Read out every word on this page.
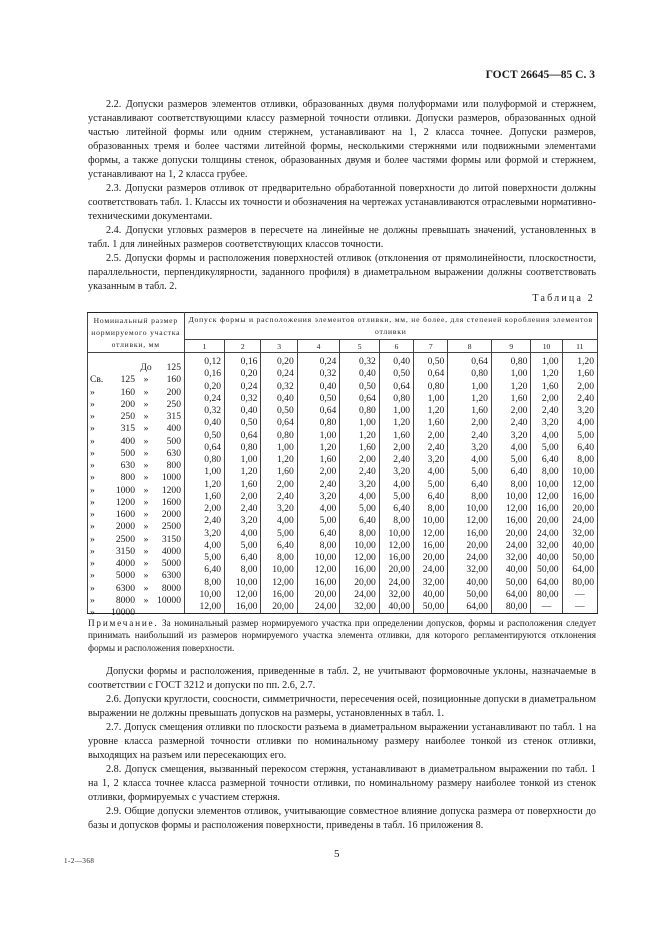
ГОСТ 26645—85 С. 3

2.2. Допуски размеров элементов отливки, образованных двумя полуформами или полуформой и стержнем, устанавливают соответствующими классу размерной точности отливки. Допуски размеров, образованных одной частью литейной формы или одним стержнем, устанавливают на 1, 2 класса точнее. Допуски размеров, образованных тремя и более частями литейной формы, несколькими стержнями или подвижными элементами формы, а также допуски толщины стенок, образованных двумя и более частями формы или формой и стержнем, устанавливают на 1, 2 класса грубее.

2.3. Допуски размеров отливок от предварительно обработанной поверхности до литой поверхности должны соответствовать табл. 1. Классы их точности и обозначения на чертежах устанавливаются отраслевыми нормативно-техническими документами.

2.4. Допуски угловых размеров в пересчете на линейные не должны превышать значений, установленных в табл. 1 для линейных размеров соответствующих классов точности.

2.5. Допуски формы и расположения поверхностей отливок (отклонения от прямолинейности, плоскостности, параллельности, перпендикулярности, заданного профиля) в диаметральном выражении должны соответствовать указанным в табл. 2.

Таблица 2
Номинальный размер нормируемого участка отливки, мм	Допуск формы и расположения элементов отливки, мм, не более, для степеней коробления элементов отливки										
	1	2	3	4	5	6	7	8	9	10	11

До 125	0,12	0,16	0,20	0,24	0,32	0,40	0,50	0,64	0,80	1,00	1,20

Св. 125 » 160	0,16	0,20	0,24	0,32	0,40	0,50	0,64	0,80	1,00	1,20	1,60

» 160 » 200	0,20	0,24	0,32	0,40	0,50	0,64	0,80	1,00	1,20	1,60	2,00

» 200 » 250	0,24	0,32	0,40	0,50	0,64	0,80	1,00	1,20	1,60	2,00	2,40

» 250 » 315	0,32	0,40	0,50	0,64	0,80	1,00	1,20	1,60	2,00	2,40	3,20

» 315 » 400	0,40	0,50	0,64	0,80	1,00	1,20	1,60	2,00	2,40	3,20	4,00

» 400 » 500	0,50	0,64	0,80	1,00	1,20	1,60	2,00	2,40	3,20	4,00	5,00

» 500 » 630	0,64	0,80	1,00	1,20	1,60	2,00	2,40	3,20	4,00	5,00	6,40

» 630 » 800	0,80	1,00	1,20	1,60	2,00	2,40	3,20	4,00	5,00	6,40	8,00

» 800 » 1000	1,00	1,20	1,60	2,00	2,40	3,20	4,00	5,00	6,40	8,00	10,00

» 1000 » 1200	1,20	1,60	2,00	2,40	3,20	4,00	5,00	6,40	8,00	10,00	12,00

» 1200 » 1600	1,60	2,00	2,40	3,20	4,00	5,00	6,40	8,00	10,00	12,00	16,00

» 1600 » 2000	2,00	2,40	3,20	4,00	5,00	6,40	8,00	10,00	12,00	16,00	20,00

» 2000 » 2500	2,40	3,20	4,00	5,00	6,40	8,00	10,00	12,00	16,00	20,00	24,00

» 2500 » 3150	3,20	4,00	5,00	6,40	8,00	10,00	12,00	16,00	20,00	24,00	32,00

» 3150 » 4000	4,00	5,00	6,40	8,00	10,00	12,00	16,00	20,00	24,00	32,00	40,00

» 4000 » 5000	5,00	6,40	8,00	10,00	12,00	16,00	20,00	24,00	32,00	40,00	50,00

» 5000 » 6300	6,40	8,00	10,00	12,00	16,00	20,00	24,00	32,00	40,00	50,00	64,00

» 6300 » 8000	8,00	10,00	12,00	16,00	20,00	24,00	32,00	40,00	50,00	64,00	80,00

» 8000 » 10000	10,00	12,00	16,00	20,00	24,00	32,00	40,00	50,00	64,00	80,00	—

» 10000	12,00	16,00	20,00	24,00	32,00	40,00	50,00	64,00	80,00	—	—

Примечание. За номинальный размер нормируемого участка при определении допусков, формы и расположения следует принимать наибольший из размеров нормируемого участка элемента отливки, для которого регламентируются отклонения формы и расположения поверхности.

Допуски формы и расположения, приведенные в табл. 2, не учитывают формовочные уклоны, назначаемые в соответствии с ГОСТ 3212 и допуски по пп. 2.6, 2.7.

2.6. Допуски круглости, соосности, симметричности, пересечения осей, позиционные допуски в диаметральном выражении не должны превышать допусков на размеры, установленных в табл. 1.

2.7. Допуск смещения отливки по плоскости разъема в диаметральном выражении устанавливают по табл. 1 на уровне класса размерной точности отливки по номинальному размеру наиболее тонкой из стенок отливки, выходящих на разъем или пересекающих его.

2.8. Допуск смещения, вызванный перекосом стержня, устанавливают в диаметральном выражении по табл. 1 на 1, 2 класса точнее класса размерной точности отливки, по номинальному размеру наиболее тонкой из стенок отливки, формируемых с участием стержня.

2.9. Общие допуски элементов отливок, учитывающие совместное влияние допуска размера от поверхности до базы и допусков формы и расположения поверхности, приведены в табл. 16 приложения 8.

5
1-2—368
